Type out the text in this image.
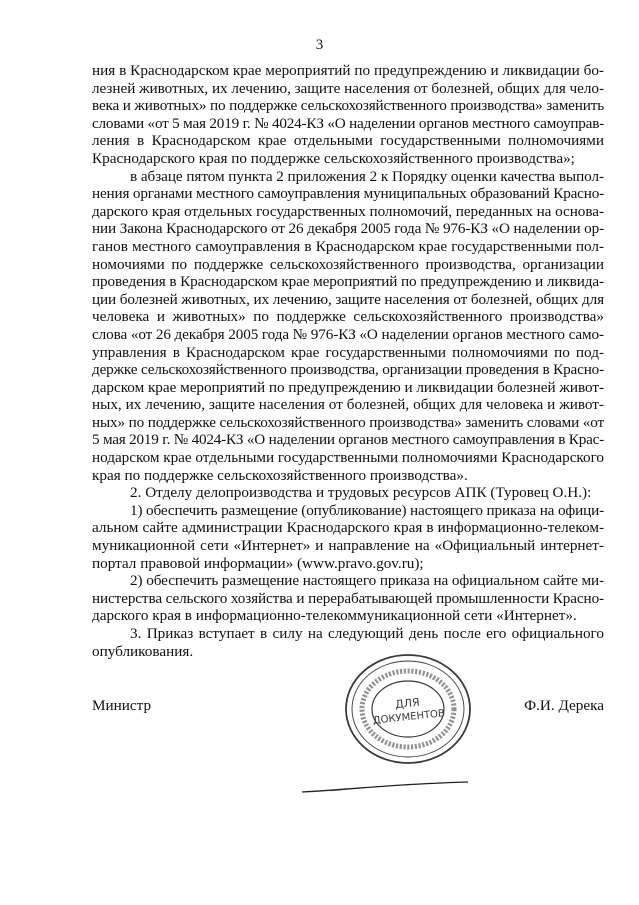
3
ния в Краснодарском крае мероприятий по предупреждению и ликвидации бо-
лезней животных, их лечению, защите населения от болезней, общих для чело-
века и животных» по поддержке сельскохозяйственного производства» заменить
словами «от 5 мая 2019 г. № 4024-КЗ «О наделении органов местного самоуправ-
ления в Краснодарском крае отдельными государственными полномочиями
Краснодарского края по поддержке сельскохозяйственного производства»;
в абзаце пятом пункта 2 приложения 2 к Порядку оценки качества выпол-
нения органами местного самоуправления муниципальных образований Красно-
дарского края отдельных государственных полномочий, переданных на основа-
нии Закона Краснодарского от 26 декабря 2005 года № 976-КЗ «О наделении ор-
ганов местного самоуправления в Краснодарском крае государственными пол-
номочиями по поддержке сельскохозяйственного производства, организации
проведения в Краснодарском крае мероприятий по предупреждению и ликвида-
ции болезней животных, их лечению, защите населения от болезней, общих для
человека и животных» по поддержке сельскохозяйственного производства»
слова «от 26 декабря 2005 года № 976-КЗ «О наделении органов местного само-
управления в Краснодарском крае государственными полномочиями по под-
держке сельскохозяйственного производства, организации проведения в Красно-
дарском крае мероприятий по предупреждению и ликвидации болезней живот-
ных, их лечению, защите населения от болезней, общих для человека и живот-
ных» по поддержке сельскохозяйственного производства» заменить словами «от
5 мая 2019 г. № 4024-КЗ «О наделении органов местного самоуправления в Крас-
нодарском крае отдельными государственными полномочиями Краснодарского
края по поддержке сельскохозяйственного производства».
2. Отделу делопроизводства и трудовых ресурсов АПК (Туровец О.Н.):
1) обеспечить размещение (опубликование) настоящего приказа на офици-
альном сайте администрации Краснодарского края в информационно-телеком-
муникационной сети «Интернет» и направление на «Официальный интернет-
портал правовой информации» (www.pravo.gov.ru);
2) обеспечить размещение настоящего приказа на официальном сайте ми-
нистерства сельского хозяйства и перерабатывающей промышленности Красно-
дарского края в информационно-телекоммуникационной сети «Интернет».
3. Приказ вступает в силу на следующий день после его официального
опубликования.
Министр	Ф.И. Дерека
ДЛЯ
ДОКУМЕНТОВ
